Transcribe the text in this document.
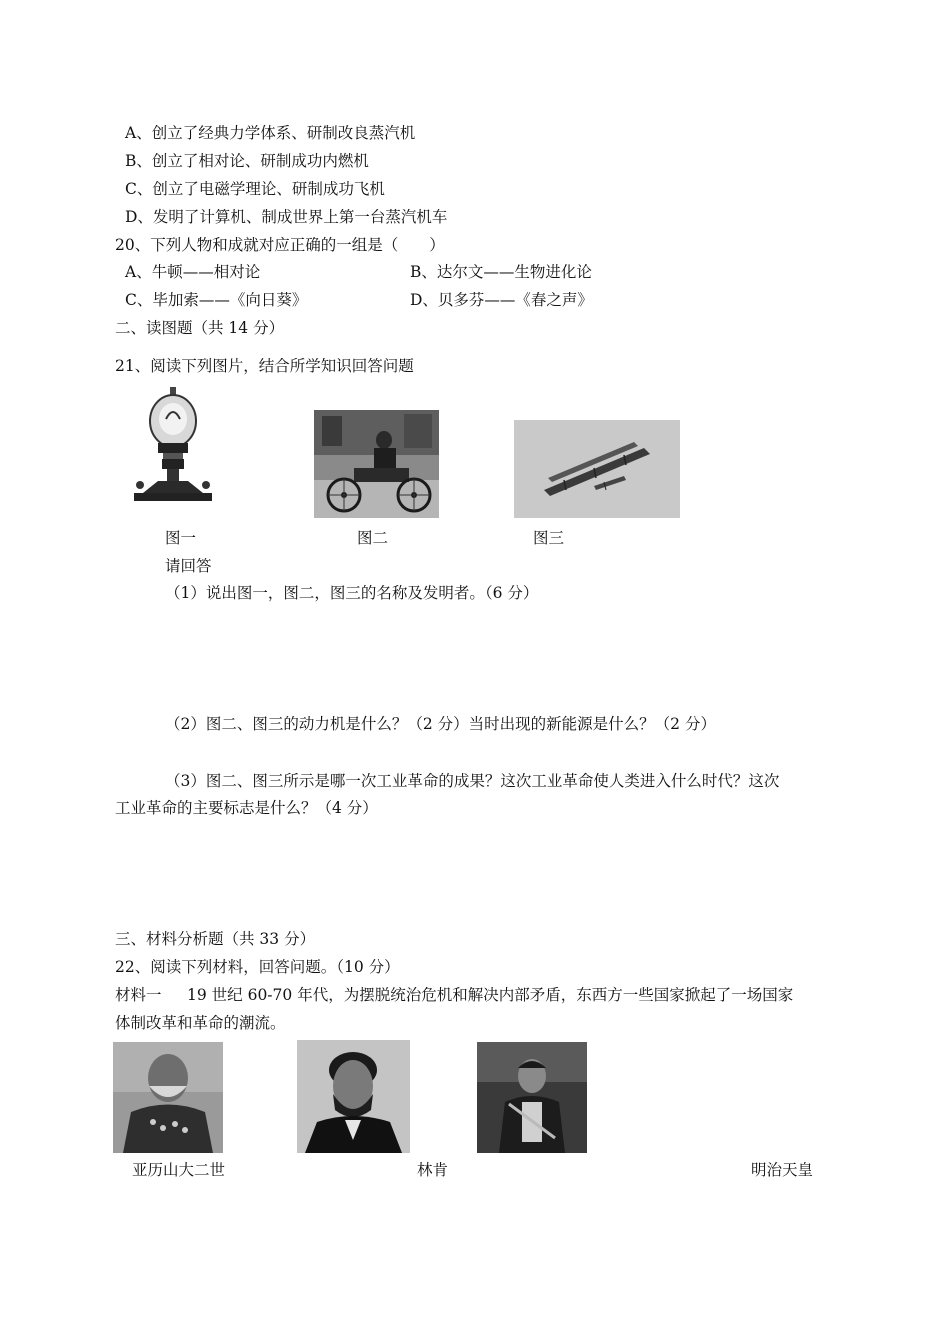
A、创立了经典力学体系、研制改良蒸汽机
B、创立了相对论、研制成功内燃机
C、创立了电磁学理论、研制成功飞机
D、发明了计算机、制成世界上第一台蒸汽机车
20、下列人物和成就对应正确的一组是（　　）
A、牛顿——相对论	B、达尔文——生物进化论
C、毕加索——《向日葵》	D、贝多芬——《春之声》
二、读图题（共 14 分）
21、阅读下列图片，结合所学知识回答问题
图一	图二	图三
请回答
（1）说出图一，图二，图三的名称及发明者。（6 分）
（2）图二、图三的动力机是什么？（2 分）当时出现的新能源是什么？（2 分）
（3）图二、图三所示是哪一次工业革命的成果？这次工业革命使人类进入什么时代？这次
工业革命的主要标志是什么？（4 分）
三、材料分析题（共 33 分）
22、阅读下列材料，回答问题。（10 分）
材料一 19 世纪 60-70 年代，为摆脱统治危机和解决内部矛盾，东西方一些国家掀起了一场国家
体制改革和革命的潮流。
亚历山大二世	林肯	明治天皇
